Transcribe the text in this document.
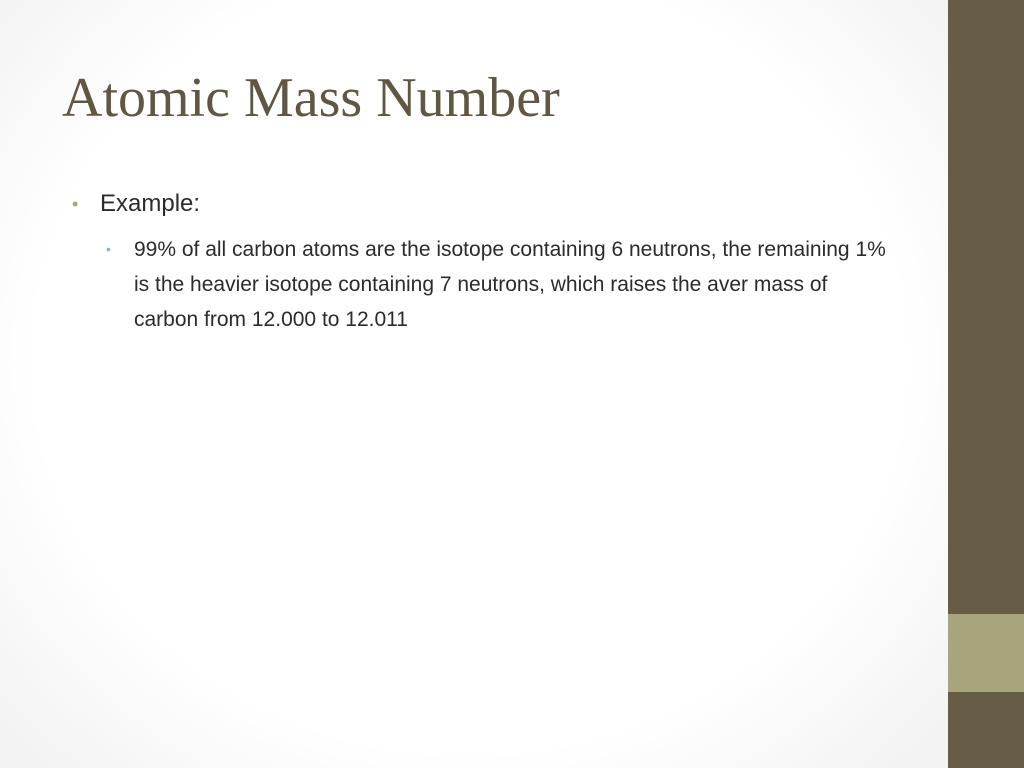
Atomic Mass Number
• Example:
• 99% of all carbon atoms are the isotope containing 6 neutrons, the remaining 1% is the heavier isotope containing 7 neutrons, which raises the aver mass of carbon from 12.000 to 12.011
